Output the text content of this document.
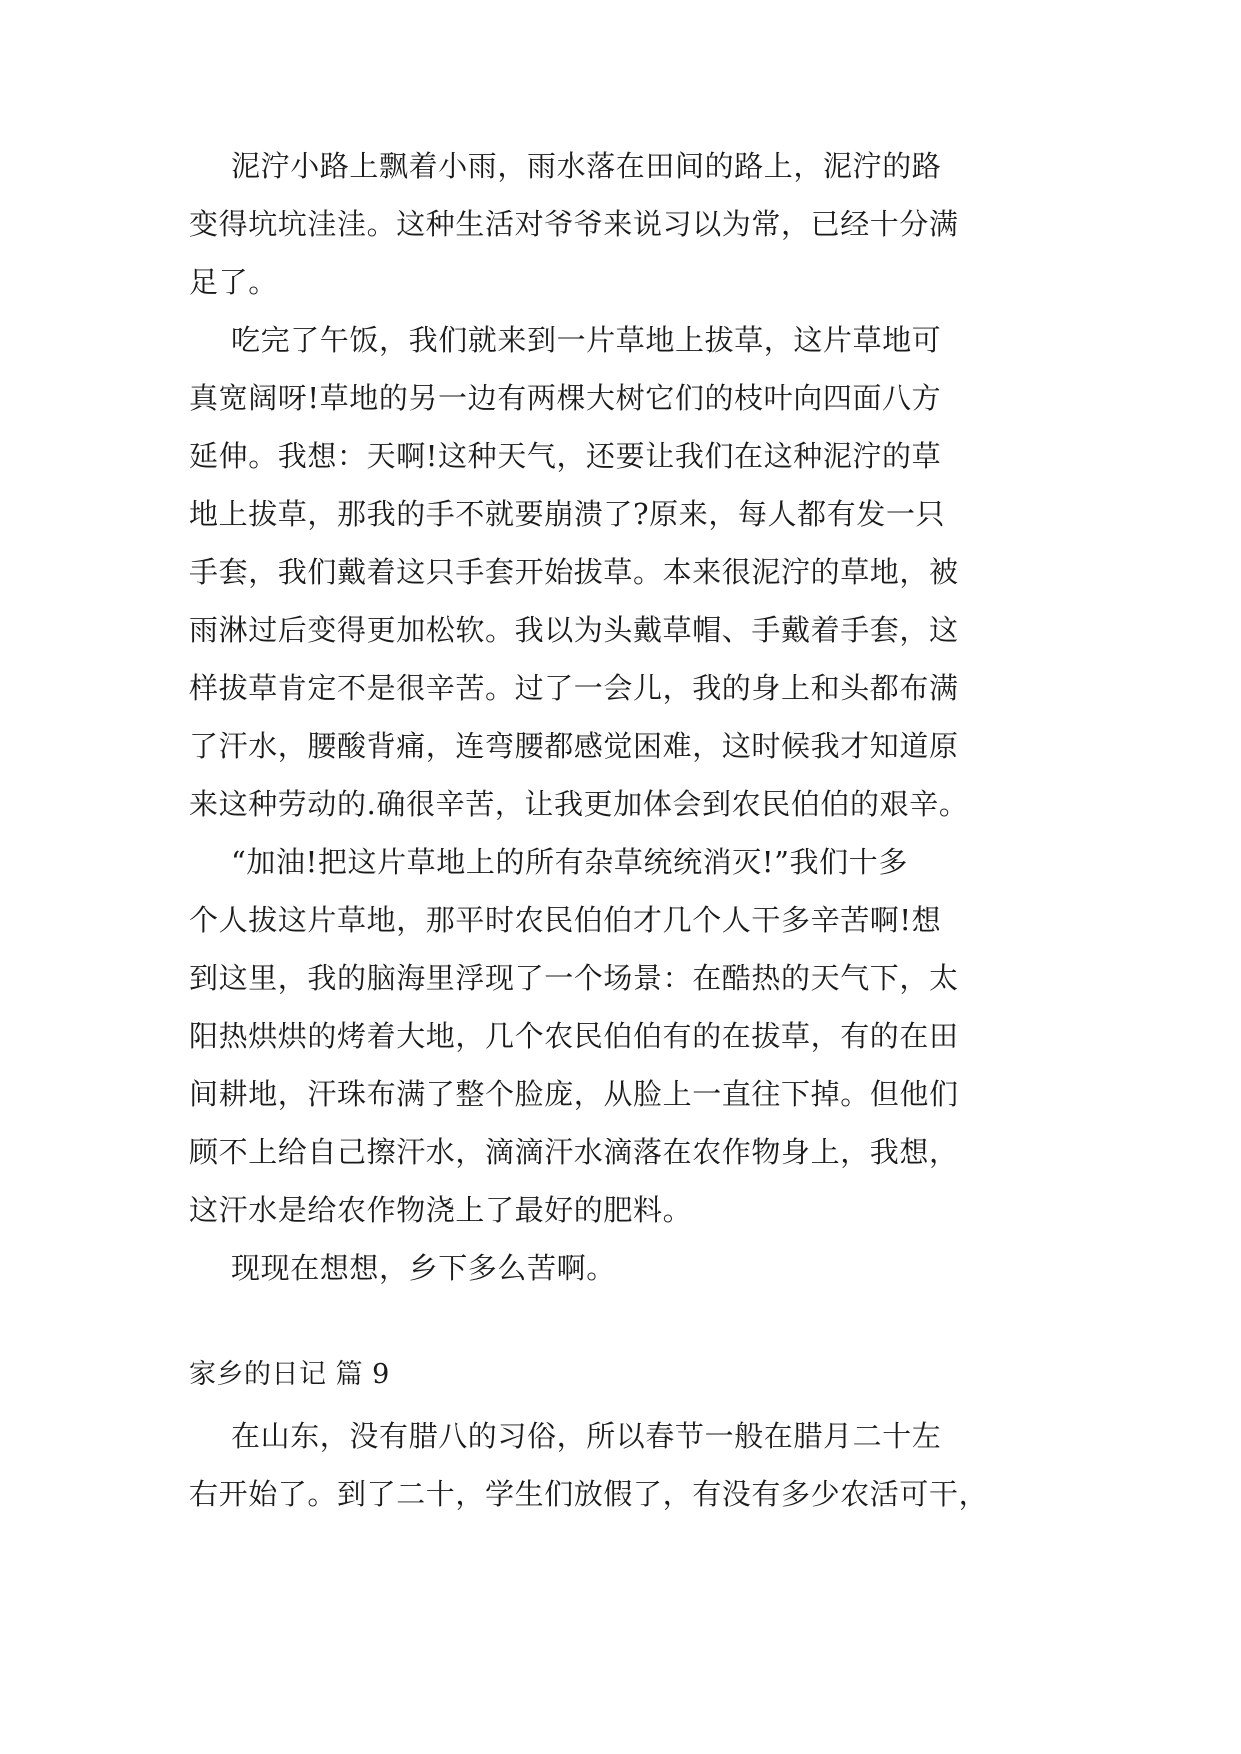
泥泞小路上飘着小雨，雨水落在田间的路上，泥泞的路
变得坑坑洼洼。这种生活对爷爷来说习以为常，已经十分满
足了。
吃完了午饭，我们就来到一片草地上拔草，这片草地可
真宽阔呀!草地的另一边有两棵大树它们的枝叶向四面八方
延伸。我想：天啊!这种天气，还要让我们在这种泥泞的草
地上拔草，那我的手不就要崩溃了?原来，每人都有发一只
手套，我们戴着这只手套开始拔草。本来很泥泞的草地，被
雨淋过后变得更加松软。我以为头戴草帽、手戴着手套，这
样拔草肯定不是很辛苦。过了一会儿，我的身上和头都布满
了汗水，腰酸背痛，连弯腰都感觉困难，这时候我才知道原
来这种劳动的.确很辛苦，让我更加体会到农民伯伯的艰辛。
“加油!把这片草地上的所有杂草统统消灭!”我们十多
个人拔这片草地，那平时农民伯伯才几个人干多辛苦啊!想
到这里，我的脑海里浮现了一个场景：在酷热的天气下，太
阳热烘烘的烤着大地，几个农民伯伯有的在拔草，有的在田
间耕地，汗珠布满了整个脸庞，从脸上一直往下掉。但他们
顾不上给自己擦汗水，滴滴汗水滴落在农作物身上，我想，
这汗水是给农作物浇上了最好的肥料。
现现在想想，乡下多么苦啊。
家乡的日记 篇 9
在山东，没有腊八的习俗，所以春节一般在腊月二十左
右开始了。到了二十，学生们放假了，有没有多少农活可干，
